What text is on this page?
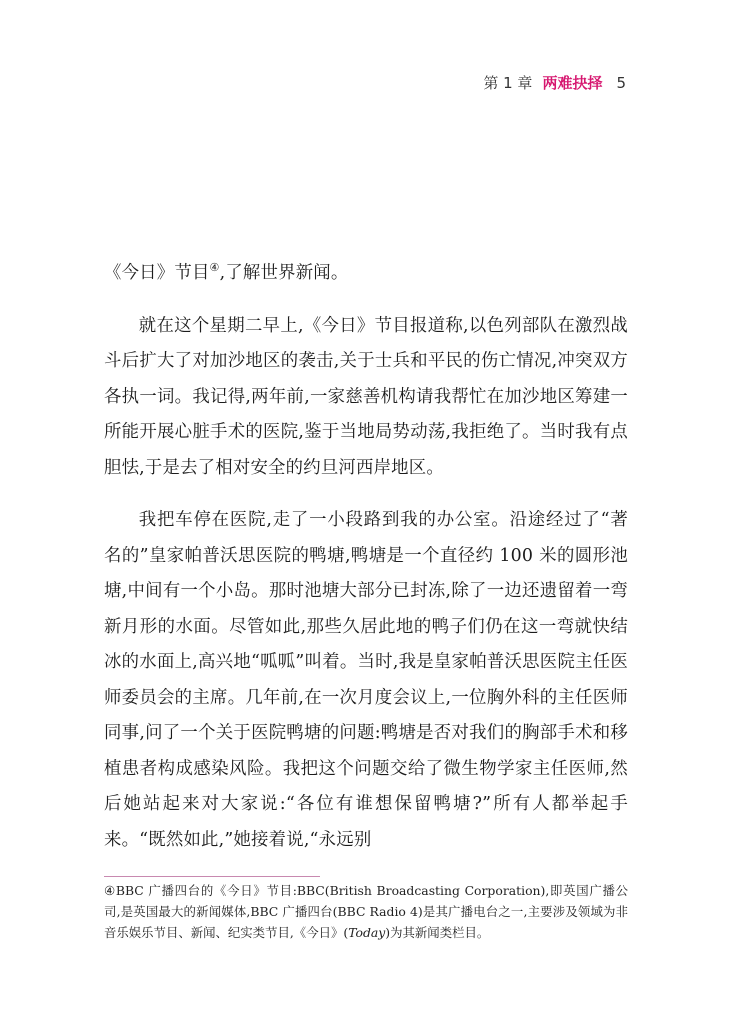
第 1 章 两难抉择 5

《今日》节目④,了解世界新闻。

就在这个星期二早上,《今日》节目报道称,以色列部队在激烈战斗后扩大了对加沙地区的袭击,关于士兵和平民的伤亡情况,冲突双方各执一词。我记得,两年前,一家慈善机构请我帮忙在加沙地区筹建一所能开展心脏手术的医院,鉴于当地局势动荡,我拒绝了。当时我有点胆怯,于是去了相对安全的约旦河西岸地区。

我把车停在医院,走了一小段路到我的办公室。沿途经过了“著名的”皇家帕普沃思医院的鸭塘,鸭塘是一个直径约 100 米的圆形池塘,中间有一个小岛。那时池塘大部分已封冻,除了一边还遗留着一弯新月形的水面。尽管如此,那些久居此地的鸭子们仍在这一弯就快结冰的水面上,高兴地“呱呱”叫着。当时,我是皇家帕普沃思医院主任医师委员会的主席。几年前,在一次月度会议上,一位胸外科的主任医师同事,问了一个关于医院鸭塘的问题:鸭塘是否对我们的胸部手术和移植患者构成感染风险。我把这个问题交给了微生物学家主任医师,然后她站起来对大家说:“各位有谁想保留鸭塘?”所有人都举起手来。“既然如此,”她接着说,“永远别

④BBC 广播四台的《今日》节目:BBC(British Broadcasting Corporation),即英国广播公司,是英国最大的新闻媒体,BBC 广播四台(BBC Radio 4)是其广播电台之一,主要涉及领域为非音乐娱乐节目、新闻、纪实类节目,《今日》(Today)为其新闻类栏目。
